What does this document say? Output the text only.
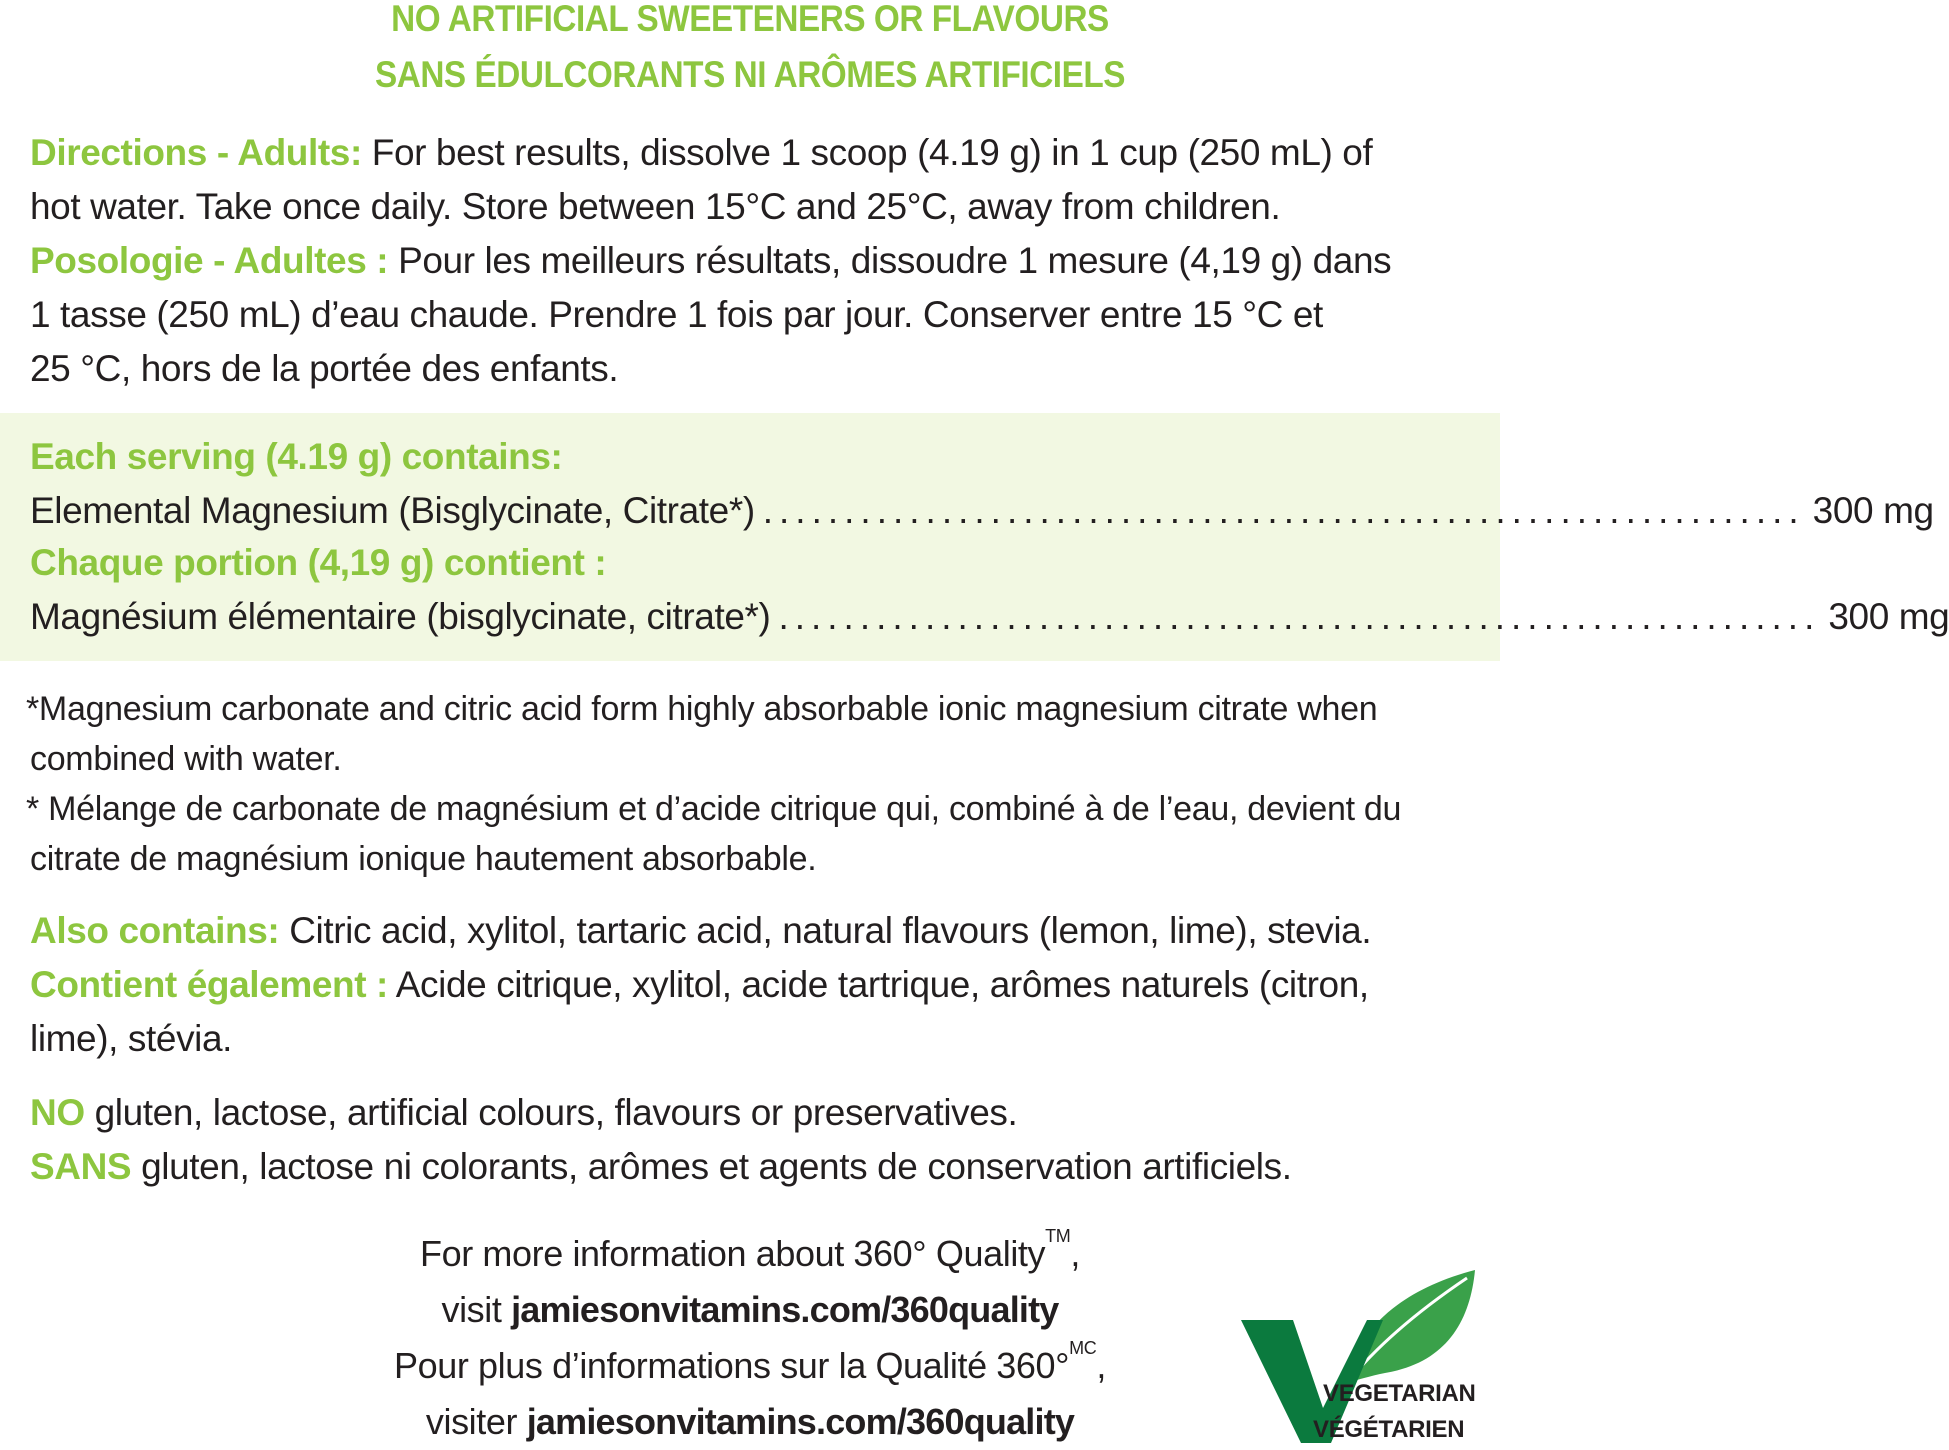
NO ARTIFICIAL SWEETENERS OR FLAVOURS
SANS ÉDULCORANTS NI ARÔMES ARTIFICIELS

Directions - Adults: For best results, dissolve 1 scoop (4.19 g) in 1 cup (250 mL) of

hot water. Take once daily. Store between 15°C and 25°C, away from children.

Posologie - Adultes : Pour les meilleurs résultats, dissoudre 1 mesure (4,19 g) dans

1 tasse (250 mL) d’eau chaude. Prendre 1 fois par jour. Conserver entre 15 °C et

25 °C, hors de la portée des enfants.

Each serving (4.19 g) contains:
Elemental Magnesium (Bisglycinate, Citrate*) ................................................................ 300 mg
Chaque portion (4,19 g) contient :
Magnésium élémentaire (bisglycinate, citrate*) ................................................................ 300 mg

*Magnesium carbonate and citric acid form highly absorbable ionic magnesium citrate when

combined with water.

* Mélange de carbonate de magnésium et d’acide citrique qui, combiné à de l’eau, devient du

citrate de magnésium ionique hautement absorbable.

Also contains: Citric acid, xylitol, tartaric acid, natural flavours (lemon, lime), stevia.

Contient également : Acide citrique, xylitol, acide tartrique, arômes naturels (citron,

lime), stévia.

NO gluten, lactose, artificial colours, flavours or preservatives.

SANS gluten, lactose ni colorants, arômes et agents de conservation artificiels.

For more information about 360° Quality™,

visit jamiesonvitamins.com/360quality

Pour plus d’informations sur la Qualité 360°$^{MC}$,

visiter jamiesonvitamins.com/360quality

VEGETARIAN
VÉGÉTARIEN
